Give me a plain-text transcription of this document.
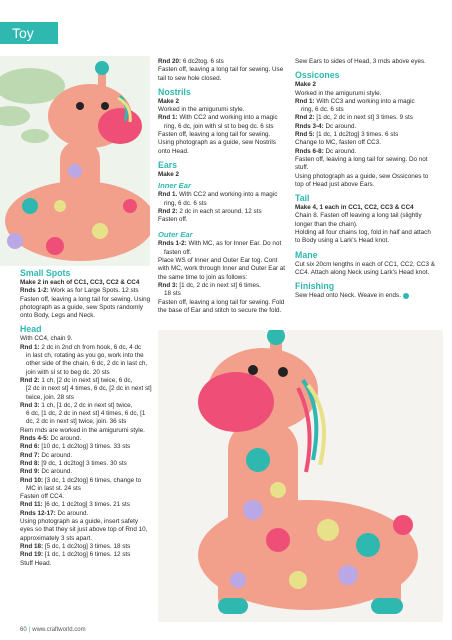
Toy
Small Spots
Make 2 in each of CC1, CC3, CC2 & CC4
Rnds 1-2: Work as for Large Spots. 12 sts
Fasten off, leaving a long tail for sewing. Using photograph as a guide, sew Spots randomly onto Body, Legs and Neck.
Head
With CC4, chain 9.
Rnd 1: 2 dc in 2nd ch from hook, 6 dc, 4 dc
in last ch, rotating as you go, work into the other side of the chain, 6 dc, 2 dc in last ch, join with sl st to beg dc. 20 sts
Rnd 2: 1 ch, [2 dc in next st] twice, 6 dc,
[2 dc in next st] 4 times, 6 dc, [2 dc in next st] twice, join. 28 sts
Rnd 3: 1 ch, [1 dc, 2 dc in next st] twice,
6 dc, [1 dc, 2 dc in next st] 4 times, 6 dc, [1 dc, 2 dc in next st] twice, join. 36 sts
Rem rnds are worked in the amigurumi style.
Rnds 4-5: Dc around.
Rnd 6: [10 dc, 1 dc2tog] 3 times. 33 sts
Rnd 7: Dc around.
Rnd 8: [9 dc, 1 dc2tog] 3 times. 30 sts
Rnd 9: Dc around.
Rnd 10: [3 dc, 1 dc2tog] 6 times, change to
MC in last st. 24 sts
Fasten off CC4.
Rnd 11: [6 dc, 1 dc2tog] 3 times. 21 sts
Rnds 12-17: Dc around.
Using photograph as a guide, insert safety eyes so that they sit just above top of Rnd 10, approximately 3 sts apart.
Rnd 18: [5 dc, 1 dc2tog] 3 times. 18 sts
Rnd 19: [1 dc, 1 dc2tog] 6 times. 12 sts
Stuff Head.
Rnd 20: 6 dc2tog. 6 sts
Fasten off, leaving a long tail for sewing. Use tail to sew hole closed.
Nostrils
Make 2
Worked in the amigurumi style.
Rnd 1: With CC2 and working into a magic
ring, 6 dc, join with sl st to beg dc. 6 sts
Fasten off, leaving a long tail for sewing. Using photograph as a guide, sew Nostrils onto Head.
Ears
Make 2
Inner Ear
Rnd 1. With CC2 and working into a magic
ring, 6 dc. 6 sts
Rnd 2: 2 dc in each st around. 12 sts
Fasten off.
Outer Ear
Rnds 1-2: With MC, as for Inner Ear. Do not
fasten off.
Place WS of Inner and Outer Ear tog. Cont with MC, work through Inner and Outer Ear at the same time to join as follows:
Rnd 3: [1 dc, 2 dc in next st] 6 times.
18 sts
Fasten off, leaving a long tail for sewing. Fold the base of Ear and stitch to secure the fold.
Sew Ears to sides of Head, 3 rnds above eyes.
Ossicones
Make 2
Worked in the amigurumi style.
Rnd 1: With CC3 and working into a magic
ring, 6 dc. 6 sts
Rnd 2: [1 dc, 2 dc in next st] 3 times. 9 sts
Rnds 3-4: Dc around.
Rnd 5: [1 dc, 1 dc2tog] 3 times. 6 sts
Change to MC, fasten off CC3.
Rnds 6-8: Dc around.
Fasten off, leaving a long tail for sewing. Do not stuff.
Using photograph as a guide, sew Ossicones to top of Head just above Ears.
Tail
Make 4, 1 each in CC1, CC2, CC3 & CC4
Chain 8. Fasten off leaving a long tail (slightly longer than the chain).
Holding all four chains tog, fold in half and attach to Body using a Lark's Head knot.
Mane
Cut six 20cm lengths in each of CC1, CC2, CC3 & CC4. Attach along Neck using Lark's Head knot.
Finishing
Sew Head onto Neck. Weave in ends.
60 | www.craftworld.com
